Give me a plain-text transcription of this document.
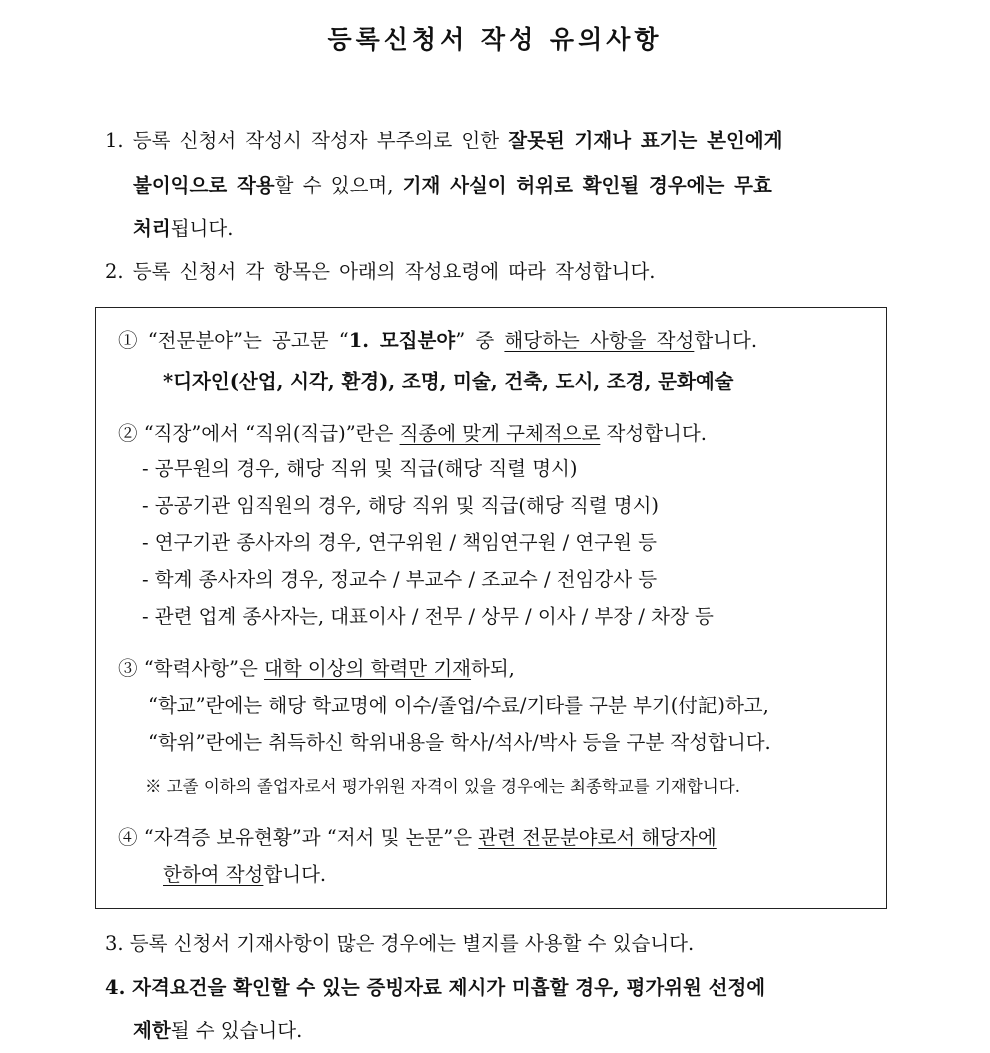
등록신청서 작성 유의사항
1. 등록 신청서 작성시 작성자 부주의로 인한 잘못된 기재나 표기는 본인에게
불이익으로 작용할 수 있으며, 기재 사실이 허위로 확인될 경우에는 무효
처리됩니다.
2. 등록 신청서 각 항목은 아래의 작성요령에 따라 작성합니다.
① “전문분야”는 공고문 “1. 모집분야” 중 해당하는 사항을 작성합니다.
*디자인(산업, 시각, 환경), 조명, 미술, 건축, 도시, 조경, 문화예술
② “직장”에서 “직위(직급)”란은 직종에 맞게 구체적으로 작성합니다.
- 공무원의 경우, 해당 직위 및 직급(해당 직렬 명시)
- 공공기관 임직원의 경우, 해당 직위 및 직급(해당 직렬 명시)
- 연구기관 종사자의 경우, 연구위원 / 책임연구원 / 연구원 등
- 학계 종사자의 경우, 정교수 / 부교수 / 조교수 / 전임강사 등
- 관련 업계 종사자는, 대표이사 / 전무 / 상무 / 이사 / 부장 / 차장 등
③ “학력사항”은 대학 이상의 학력만 기재하되,
“학교”란에는 해당 학교명에 이수/졸업/수료/기타를 구분 부기(付記)하고,
“학위”란에는 취득하신 학위내용을 학사/석사/박사 등을 구분 작성합니다.
※ 고졸 이하의 졸업자로서 평가위원 자격이 있을 경우에는 최종학교를 기재합니다.
④ “자격증 보유현황”과 “저서 및 논문”은 관련 전문분야로서 해당자에
한하여 작성합니다.
3. 등록 신청서 기재사항이 많은 경우에는 별지를 사용할 수 있습니다.
4. 자격요건을 확인할 수 있는 증빙자료 제시가 미흡할 경우, 평가위원 선정에
제한될 수 있습니다.
